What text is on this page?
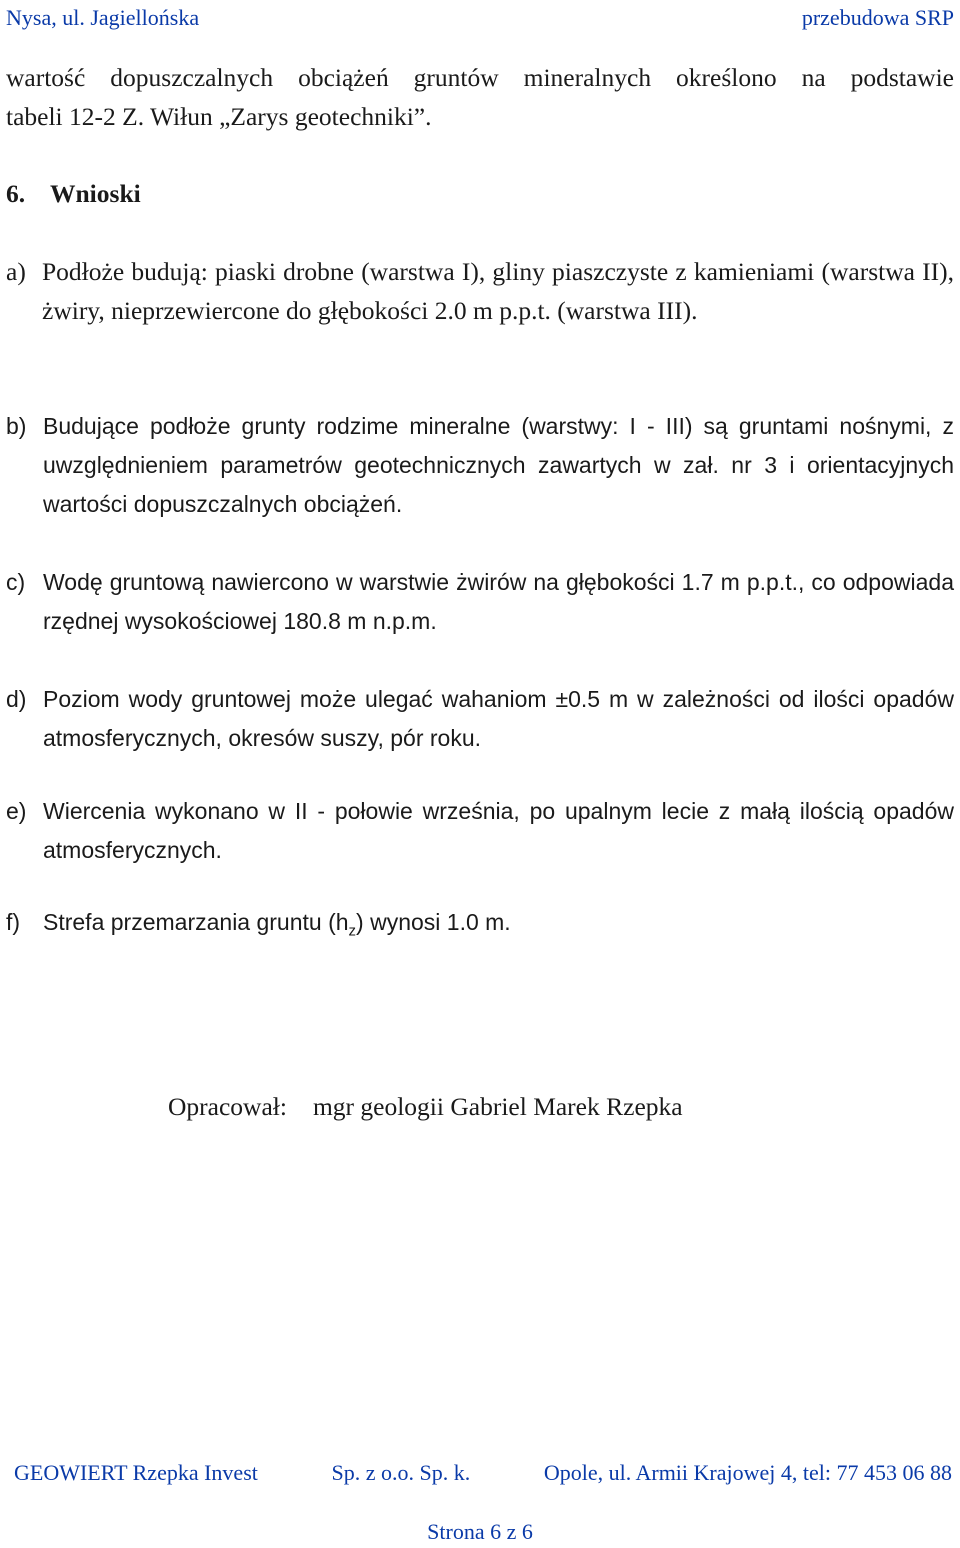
Nysa, ul. Jagiellońska	przebudowa SRP

wartość dopuszczalnych obciążeń gruntów mineralnych określono na podstawie

tabeli 12-2 Z. Wiłun „Zarys geotechniki”.

6. Wnioski
a) Podłoże budują: piaski drobne (warstwa I), gliny piaszczyste z kamieniami (warstwa II), żwiry, nieprzewiercone do głębokości 2.0 m p.p.t. (warstwa III).
b) Budujące podłoże grunty rodzime mineralne (warstwy: I - III) są gruntami nośnymi, z uwzględnieniem parametrów geotechnicznych zawartych w zał. nr 3 i orientacyjnych wartości dopuszczalnych obciążeń.
c) Wodę gruntową nawiercono w warstwie żwirów na głębokości 1.7 m p.p.t., co odpowiada rzędnej wysokościowej 180.8 m n.p.m.
d) Poziom wody gruntowej może ulegać wahaniom ±0.5 m w zależności od ilości opadów atmosferycznych, okresów suszy, pór roku.
e) Wiercenia wykonano w II - połowie września, po upalnym lecie z małą ilością opadów atmosferycznych.
f) Strefa przemarzania gruntu $(h_z)$ wynosi 1.0 m.
Opracował: mgr geologii Gabriel Marek Rzepka
GEOWIERT Rzepka Invest	Sp. z o.o. Sp. k.	Opole, ul. Armii Krajowej 4, tel: 77 453 06 88
Strona 6 z 6
